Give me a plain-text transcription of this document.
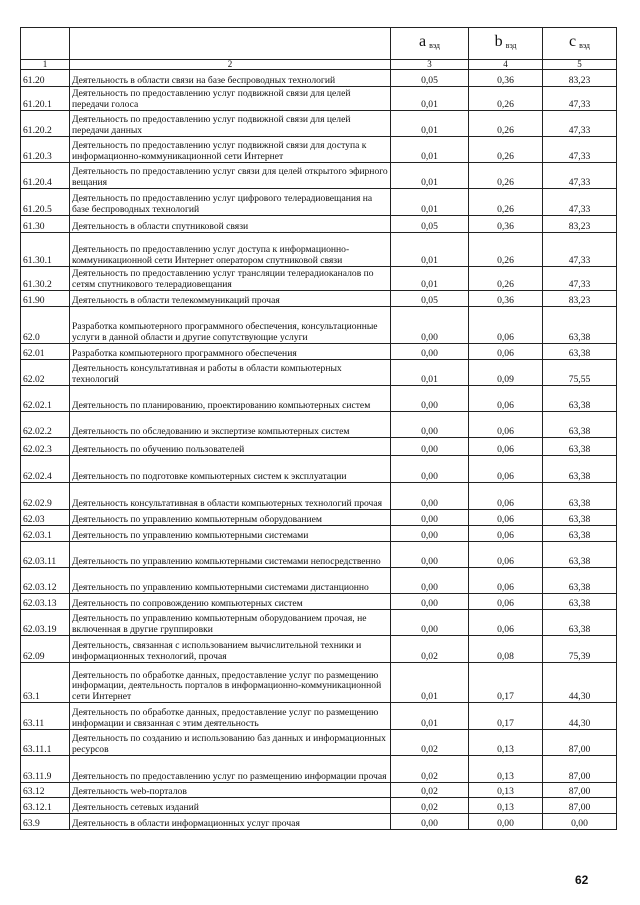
		a $_{вэд}$	b $_{вэд}$	c $_{вэд}$
1	2	3	4	5
61.20	Деятельность в области связи на базе беспроводных технологий	0,05	0,36	83,23
61.20.1	Деятельность по предоставлению услуг подвижной связи для целей передачи голоса	0,01	0,26	47,33
61.20.2	Деятельность по предоставлению услуг подвижной связи для целей передачи данных	0,01	0,26	47,33
61.20.3	Деятельность по предоставлению услуг подвижной связи для доступа к информационно-коммуникационной сети Интернет	0,01	0,26	47,33
61.20.4	Деятельность по предоставлению услуг связи для целей открытого эфирного вещания	0,01	0,26	47,33
61.20.5	Деятельность по предоставлению услуг цифрового телерадиовещания на базе беспроводных технологий	0,01	0,26	47,33
61.30	Деятельность в области спутниковой связи	0,05	0,36	83,23
61.30.1	Деятельность по предоставлению услуг доступа к информационно-коммуникационной сети Интернет оператором спутниковой связи	0,01	0,26	47,33
61.30.2	Деятельность по предоставлению услуг трансляции телерадиоканалов по сетям спутникового телерадиовещания	0,01	0,26	47,33
61.90	Деятельность в области телекоммуникаций прочая	0,05	0,36	83,23
62.0	Разработка компьютерного программного обеспечения, консультационные услуги в данной области и другие сопутствующие услуги	0,00	0,06	63,38
62.01	Разработка компьютерного программного обеспечения	0,00	0,06	63,38
62.02	Деятельность консультативная и работы в области компьютерных технологий	0,01	0,09	75,55
62.02.1	Деятельность по планированию, проектированию компьютерных систем	0,00	0,06	63,38
62.02.2	Деятельность по обследованию и экспертизе компьютерных систем	0,00	0,06	63,38
62.02.3	Деятельность по обучению пользователей	0,00	0,06	63,38
62.02.4	Деятельность по подготовке компьютерных систем к эксплуатации	0,00	0,06	63,38
62.02.9	Деятельность консультативная в области компьютерных технологий прочая	0,00	0,06	63,38
62.03	Деятельность по управлению компьютерным оборудованием	0,00	0,06	63,38
62.03.1	Деятельность по управлению компьютерными системами	0,00	0,06	63,38
62.03.11	Деятельность по управлению компьютерными системами непосредственно	0,00	0,06	63,38
62.03.12	Деятельность по управлению компьютерными системами дистанционно	0,00	0,06	63,38
62.03.13	Деятельность по сопровождению компьютерных систем	0,00	0,06	63,38
62.03.19	Деятельность по управлению компьютерным оборудованием прочая, не включенная в другие группировки	0,00	0,06	63,38
62.09	Деятельность, связанная с использованием вычислительной техники и информационных технологий, прочая	0,02	0,08	75,39
63.1	Деятельность по обработке данных, предоставление услуг по размещению информации, деятельность порталов в информационно-коммуникационной сети Интернет	0,01	0,17	44,30
63.11	Деятельность по обработке данных, предоставление услуг по размещению информации и связанная с этим деятельность	0,01	0,17	44,30
63.11.1	Деятельность по созданию и использованию баз данных и информационных ресурсов	0,02	0,13	87,00
63.11.9	Деятельность по предоставлению услуг по размещению информации прочая	0,02	0,13	87,00
63.12	Деятельность web-порталов	0,02	0,13	87,00
63.12.1	Деятельность сетевых изданий	0,02	0,13	87,00
63.9	Деятельность в области информационных услуг прочая	0,00	0,00	0,00
62
